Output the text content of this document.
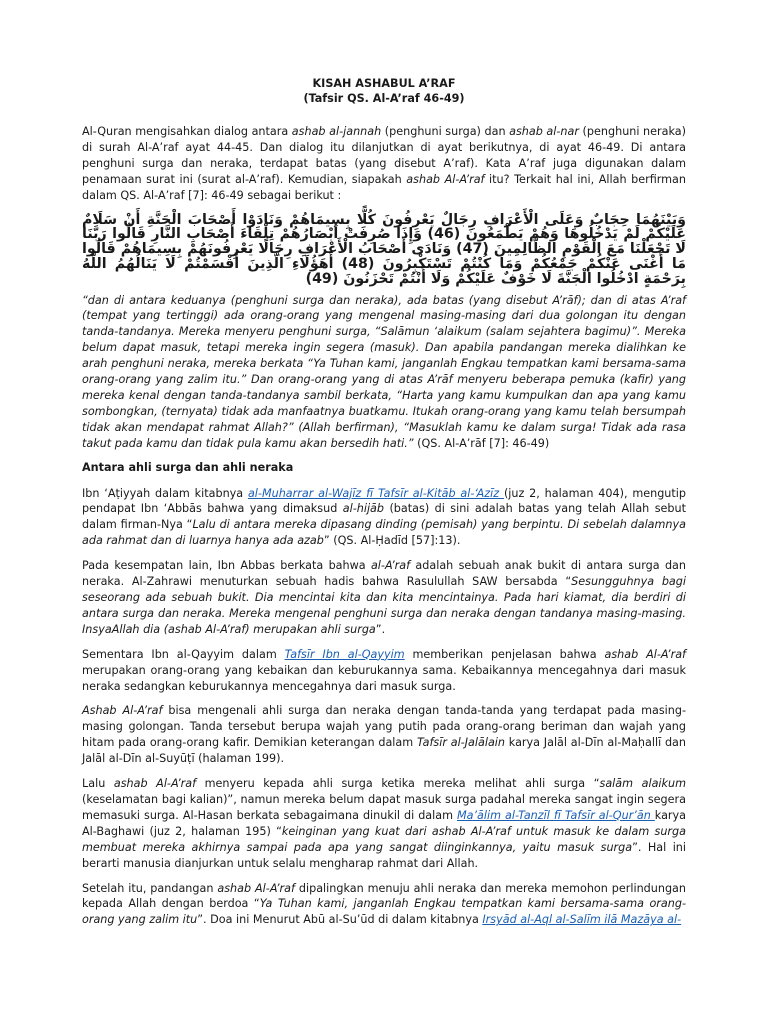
KISAH ASHABUL A’RAF

(Tafsir QS. Al-A’raf 46-49)

Al-Quran mengisahkan dialog antara ashab al-jannah (penghuni surga) dan ashab al-nar (penghuni neraka) di surah Al-A’raf ayat 44-45. Dan dialog itu dilanjutkan di ayat berikutnya, di ayat 46-49. Di antara penghuni surga dan neraka, terdapat batas (yang disebut A’raf). Kata A’raf juga digunakan dalam penamaan surat ini (surat al-A’raf). Kemudian, siapakah ashab Al-A’raf itu? Terkait hal ini, Allah berfirman dalam QS. Al-A’raf [7]: 46-49 sebagai berikut :

وَبَيْنَهُمَا حِجَابٌ وَعَلَى الْأَعْرَافِ رِجَالٌ يَعْرِفُونَ كُلًّا بِسِيمَاهُمْ وَنَادَوْا أَصْحَابَ الْجَنَّةِ أَنْ سَلَامٌ عَلَيْكُمْ لَمْ يَدْخُلُوهَا وَهُمْ يَطْمَعُونَ (46) وَإِذَا صُرِفَتْ أَبْصَارُهُمْ تِلْقَاءَ أَصْحَابِ النَّارِ قَالُوا رَبَّنَا لَا تَجْعَلْنَا مَعَ الْقَوْمِ الظَّالِمِينَ (47) وَنَادَى أَصْحَابُ الْأَعْرَافِ رِجَالًا يَعْرِفُونَهُمْ بِسِيمَاهُمْ قَالُوا مَا أَغْنَى عَنْكُمْ جَمْعُكُمْ وَمَا كُنْتُمْ تَسْتَكْبِرُونَ (48) أَهَؤُلَاءِ الَّذِينَ أَقْسَمْتُمْ لَا يَنَالُهُمُ اللَّهُ بِرَحْمَةٍ ادْخُلُوا الْجَنَّةَ لَا خَوْفٌ عَلَيْكُمْ وَلَا أَنْتُمْ تَحْزَنُونَ (49)

“dan di antara keduanya (penghuni surga dan neraka), ada batas (yang disebut A’rāf); dan di atas A’raf (tempat yang tertinggi) ada orang-orang yang mengenal masing-masing dari dua golongan itu dengan tanda-tandanya. Mereka menyeru penghuni surga, “Salāmun ‘alaikum (salam sejahtera bagimu)”. Mereka belum dapat masuk, tetapi mereka ingin segera (masuk). Dan apabila pandangan mereka dialihkan ke arah penghuni neraka, mereka berkata “Ya Tuhan kami, janganlah Engkau tempatkan kami bersama-sama orang-orang yang zalim itu.” Dan orang-orang yang di atas A’rāf menyeru beberapa pemuka (kafir) yang mereka kenal dengan tanda-tandanya sambil berkata, “Harta yang kamu kumpulkan dan apa yang kamu sombongkan, (ternyata) tidak ada manfaatnya buatkamu. Itukah orang-orang yang kamu telah bersumpah tidak akan mendapat rahmat Allah?” (Allah berfirman), “Masuklah kamu ke dalam surga! Tidak ada rasa takut pada kamu dan tidak pula kamu akan bersedih hati.” (QS. Al-A’rāf [7]: 46-49)

Antara ahli surga dan ahli neraka

Ibn ‘Aṭiyyah dalam kitabnya al-Muharrar al-Wajīz fī Tafsīr al-Kitāb al-‘Azīz (juz 2, halaman 404), mengutip pendapat Ibn ‘Abbās bahwa yang dimaksud al-hijāb (batas) di sini adalah batas yang telah Allah sebut dalam firman-Nya “Lalu di antara mereka dipasang dinding (pemisah) yang berpintu. Di sebelah dalamnya ada rahmat dan di luarnya hanya ada azab” (QS. Al-Ḥadīd [57]:13).

Pada kesempatan lain, Ibn Abbas berkata bahwa al-A’raf adalah sebuah anak bukit di antara surga dan neraka. Al-Zahrawi menuturkan sebuah hadis bahwa Rasulullah SAW bersabda “Sesungguhnya bagi seseorang ada sebuah bukit. Dia mencintai kita dan kita mencintainya. Pada hari kiamat, dia berdiri di antara surga dan neraka. Mereka mengenal penghuni surga dan neraka dengan tandanya masing-masing. InsyaAllah dia (ashab Al-A’raf) merupakan ahli surga”.

Sementara Ibn al-Qayyim dalam Tafsīr Ibn al-Qayyim memberikan penjelasan bahwa ashab Al-A’raf merupakan orang-orang yang kebaikan dan keburukannya sama. Kebaikannya mencegahnya dari masuk neraka sedangkan keburukannya mencegahnya dari masuk surga.

Ashab Al-A’raf bisa mengenali ahli surga dan neraka dengan tanda-tanda yang terdapat pada masing-masing golongan. Tanda tersebut berupa wajah yang putih pada orang-orang beriman dan wajah yang hitam pada orang-orang kafir. Demikian keterangan dalam Tafsīr al-Jalālain karya Jalāl al-Dīn al-Maḥallī dan Jalāl al-Dīn al-Suyūṭī (halaman 199).

Lalu ashab Al-A’raf menyeru kepada ahli surga ketika mereka melihat ahli surga “salām alaikum (keselamatan bagi kalian)”, namun mereka belum dapat masuk surga padahal mereka sangat ingin segera memasuki surga. Al-Hasan berkata sebagaimana dinukil di dalam Ma’ālim al-Tanzīl fī Tafsīr al-Qur’ān karya Al-Baghawi (juz 2, halaman 195) “keinginan yang kuat dari ashab Al-A’raf untuk masuk ke dalam surga membuat mereka akhirnya sampai pada apa yang sangat diinginkannya, yaitu masuk surga”. Hal ini berarti manusia dianjurkan untuk selalu mengharap rahmat dari Allah.

Setelah itu, pandangan ashab Al-A’raf dipalingkan menuju ahli neraka dan mereka memohon perlindungan kepada Allah dengan berdoa “Ya Tuhan kami, janganlah Engkau tempatkan kami bersama-sama orang-orang yang zalim itu”. Doa ini Menurut Abū al-Su’ūd di dalam kitabnya Irsyād al-Aql al-Salīm ilā Mazāya al-
